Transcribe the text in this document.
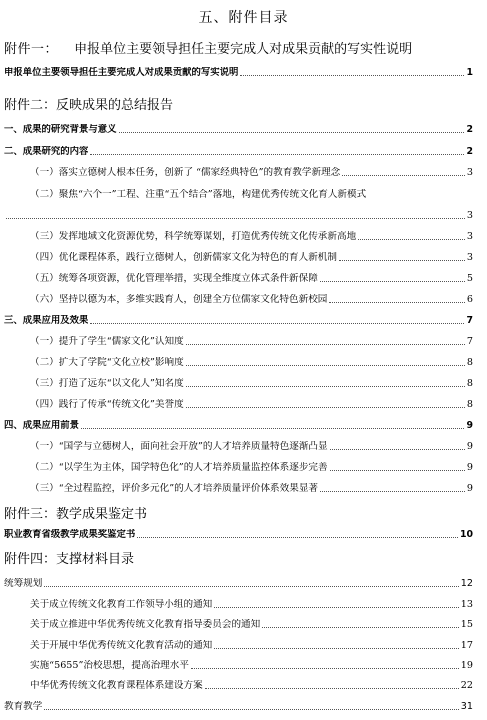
五、附件目录
附件一： 申报单位主要领导担任主要完成人对成果贡献的写实性说明
申报单位主要领导担任主要完成人对成果贡献的写实说明	1
附件二：反映成果的总结报告
一、成果的研究背景与意义	2
二、成果研究的内容	2
（一）落实立德树人根本任务，创新了 “儒家经典特色”的教育教学新理念	3
（二）聚焦“六个一”工程、注重“五个结合”落地，构建优秀传统文化育人新模式
3
（三）发挥地域文化资源优势，科学统筹谋划，打造优秀传统文化传承新高地	3
（四）优化课程体系，践行立德树人，创新儒家文化为特色的育人新机制	3
（五）统筹各项资源，优化管理举措，实现全维度立体式条件新保障	5
（六）坚持以德为本，多维实践育人，创建全方位儒家文化特色新校园	6
三、成果应用及效果	7
（一）提升了学生“儒家文化”认知度	7
（二）扩大了学院“文化立校”影响度	8
（三）打造了远东“以文化人”知名度	8
（四）践行了传承“传统文化”美誉度	8
四、成果应用前景	9
（一）“国学与立德树人，面向社会开放”的人才培养质量特色逐渐凸显	9
（二）“以学生为主体，国学特色化”的人才培养质量监控体系逐步完善	9
（三）“全过程监控，评价多元化”的人才培养质量评价体系效果显著	9
附件三：教学成果鉴定书
职业教育省级教学成果奖鉴定书	10
附件四：支撑材料目录
统筹规划	12
关于成立传统文化教育工作领导小组的通知	13
关于成立推进中华优秀传统文化教育指导委员会的通知	15
关于开展中华优秀传统文化教育活动的通知	17
实施“5655”治校思想，提高治理水平	19
中华优秀传统文化教育课程体系建设方案	22
教育教学	31
